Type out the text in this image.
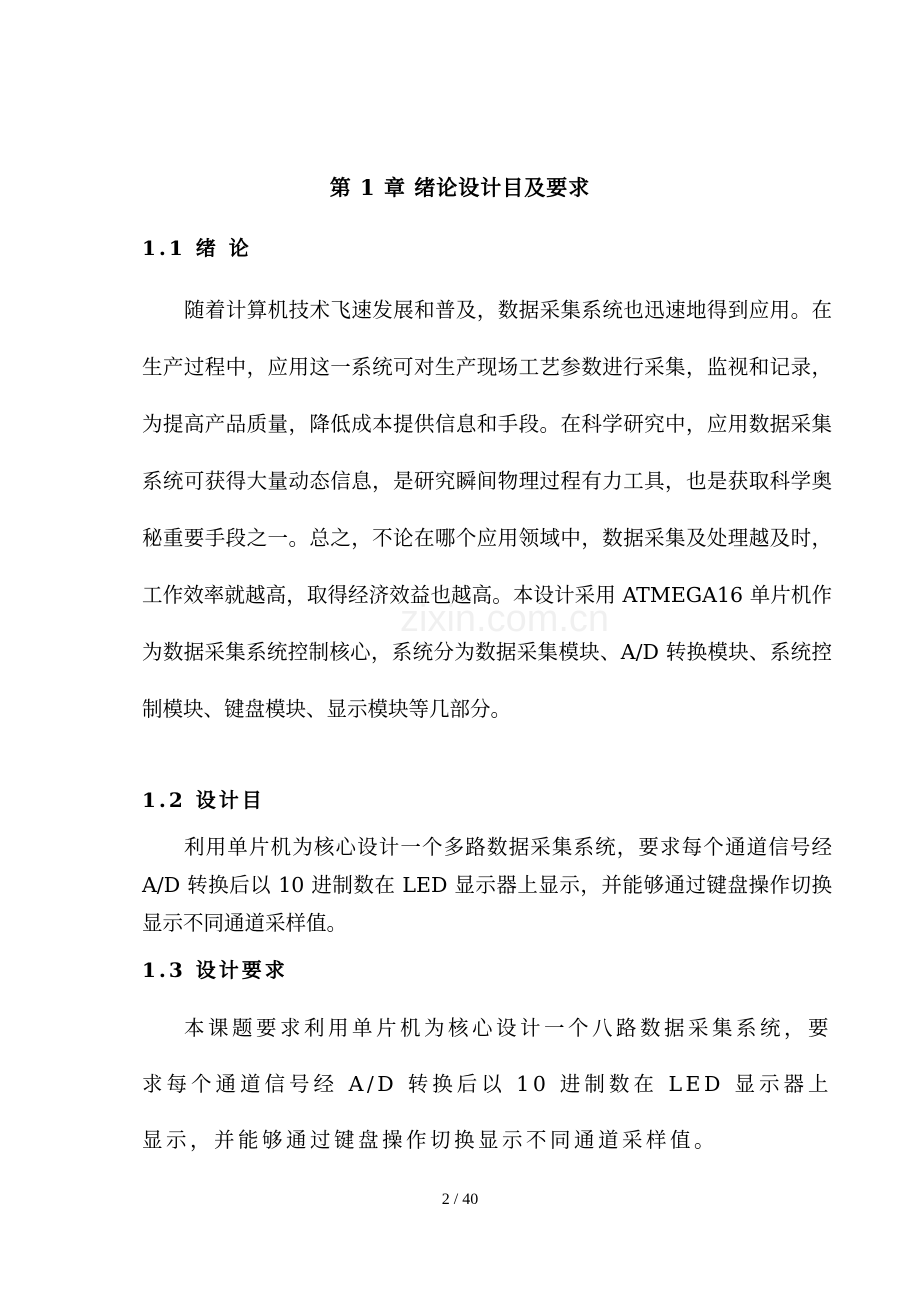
zixin.com.cn
第 1 章 绪论设计目及要求
1.1 绪 论

随着计算机技术飞速发展和普及，数据采集系统也迅速地得到应用。在生产过程中，应用这一系统可对生产现场工艺参数进行采集，监视和记录，为提高产品质量，降低成本提供信息和手段。在科学研究中，应用数据采集系统可获得大量动态信息，是研究瞬间物理过程有力工具，也是获取科学奥秘重要手段之一。总之，不论在哪个应用领域中，数据采集及处理越及时，工作效率就越高，取得经济效益也越高。本设计采用 ATMEGA16 单片机作为数据采集系统控制核心，系统分为数据采集模块、A/D 转换模块、系统控制模块、键盘模块、显示模块等几部分。

1.2 设计目

利用单片机为核心设计一个多路数据采集系统，要求每个通道信号经 A/D 转换后以 10 进制数在 LED 显示器上显示，并能够通过键盘操作切换显示不同通道采样值。

1.3 设计要求

本课题要求利用单片机为核心设计一个八路数据采集系统，要求每个通道信号经 A/D 转换后以 10 进制数在 LED 显示器上显示，并能够通过键盘操作切换显示不同通道采样值。

2 / 40
